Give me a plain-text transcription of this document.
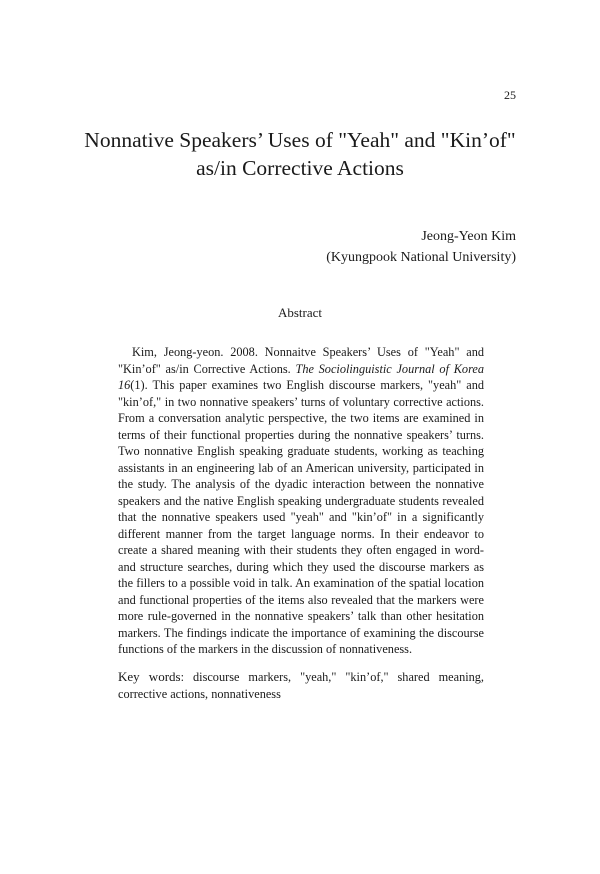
25
Nonnative Speakers’ Uses of "Yeah" and "Kin’of"
as/in Corrective Actions
Jeong-Yeon Kim
(Kyungpook National University)
Abstract

Kim, Jeong-yeon. 2008. Nonnaitve Speakers’ Uses of "Yeah" and "Kin’of" as/in Corrective Actions. The Sociolinguistic Journal of Korea 16(1). This paper examines two English discourse markers, "yeah" and "kin’of," in two nonnative speakers’ turns of voluntary corrective actions. From a conversation analytic perspective, the two items are examined in terms of their functional properties during the nonnative speakers’ turns. Two nonnative English speaking graduate students, working as teaching assistants in an engineering lab of an American university, participated in the study. The analysis of the dyadic interaction between the nonnative speakers and the native English speaking undergraduate students revealed that the nonnative speakers used "yeah" and "kin’of" in a significantly different manner from the target language norms. In their endeavor to create a shared meaning with their students they often engaged in word- and structure searches, during which they used the discourse markers as the fillers to a possible void in talk. An examination of the spatial location and functional properties of the items also revealed that the markers were more rule-governed in the nonnative speakers’ talk than other hesitation markers. The findings indicate the importance of examining the discourse functions of the markers in the discussion of nonnativeness.

Key words: discourse markers, "yeah," "kin’of," shared meaning, corrective actions, nonnativeness
